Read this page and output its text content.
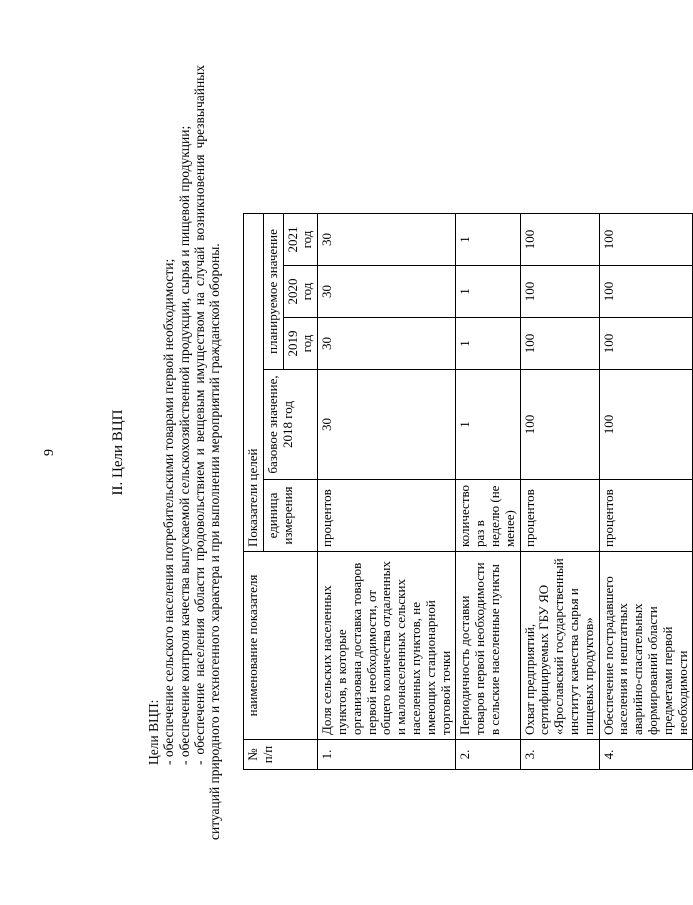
9	II. Цели ВЦП

Цели ВЦП: - обеспечение сельского населения потребительскими товарами первой необходимости; - обеспечение контроля качества выпускаемой сельскохозяйственной продукции, сырья и пищевой продукции; - обеспечение населения области продовольствием и вещевым имуществом на случай возникновения чрезвычайных ситуаций природного и техногенного характера и при выполнении мероприятий гражданской обороны. № п/п	наименование показателя	Показатели целей				
		единица измерения	базовое значение, 2018 год	планируемое значение		
				2019 год	2020 год	2021 год
1.	Доля сельских населенных пунктов, в которые организована доставка товаров первой необходимости, от общего количества отдаленных и малонаселенных сельских населенных пунктов, не имеющих стационарной торговой точки	процентов	30	30	30	30
2.	Периодичность доставки товаров первой необходимости в сельские населенные пункты	количество раз в неделю (не менее)	1	1	1	1
3.	Охват предприятий, сертифицируемых ГБУ ЯО «Ярославский государственный институт качества сырья и пищевых продуктов»	процентов	100	100	100	100
4.	Обеспечение пострадавшего населения и нештатных аварийно-спасательных формирований области предметами первой необходимости	процентов	100	100	100	100
